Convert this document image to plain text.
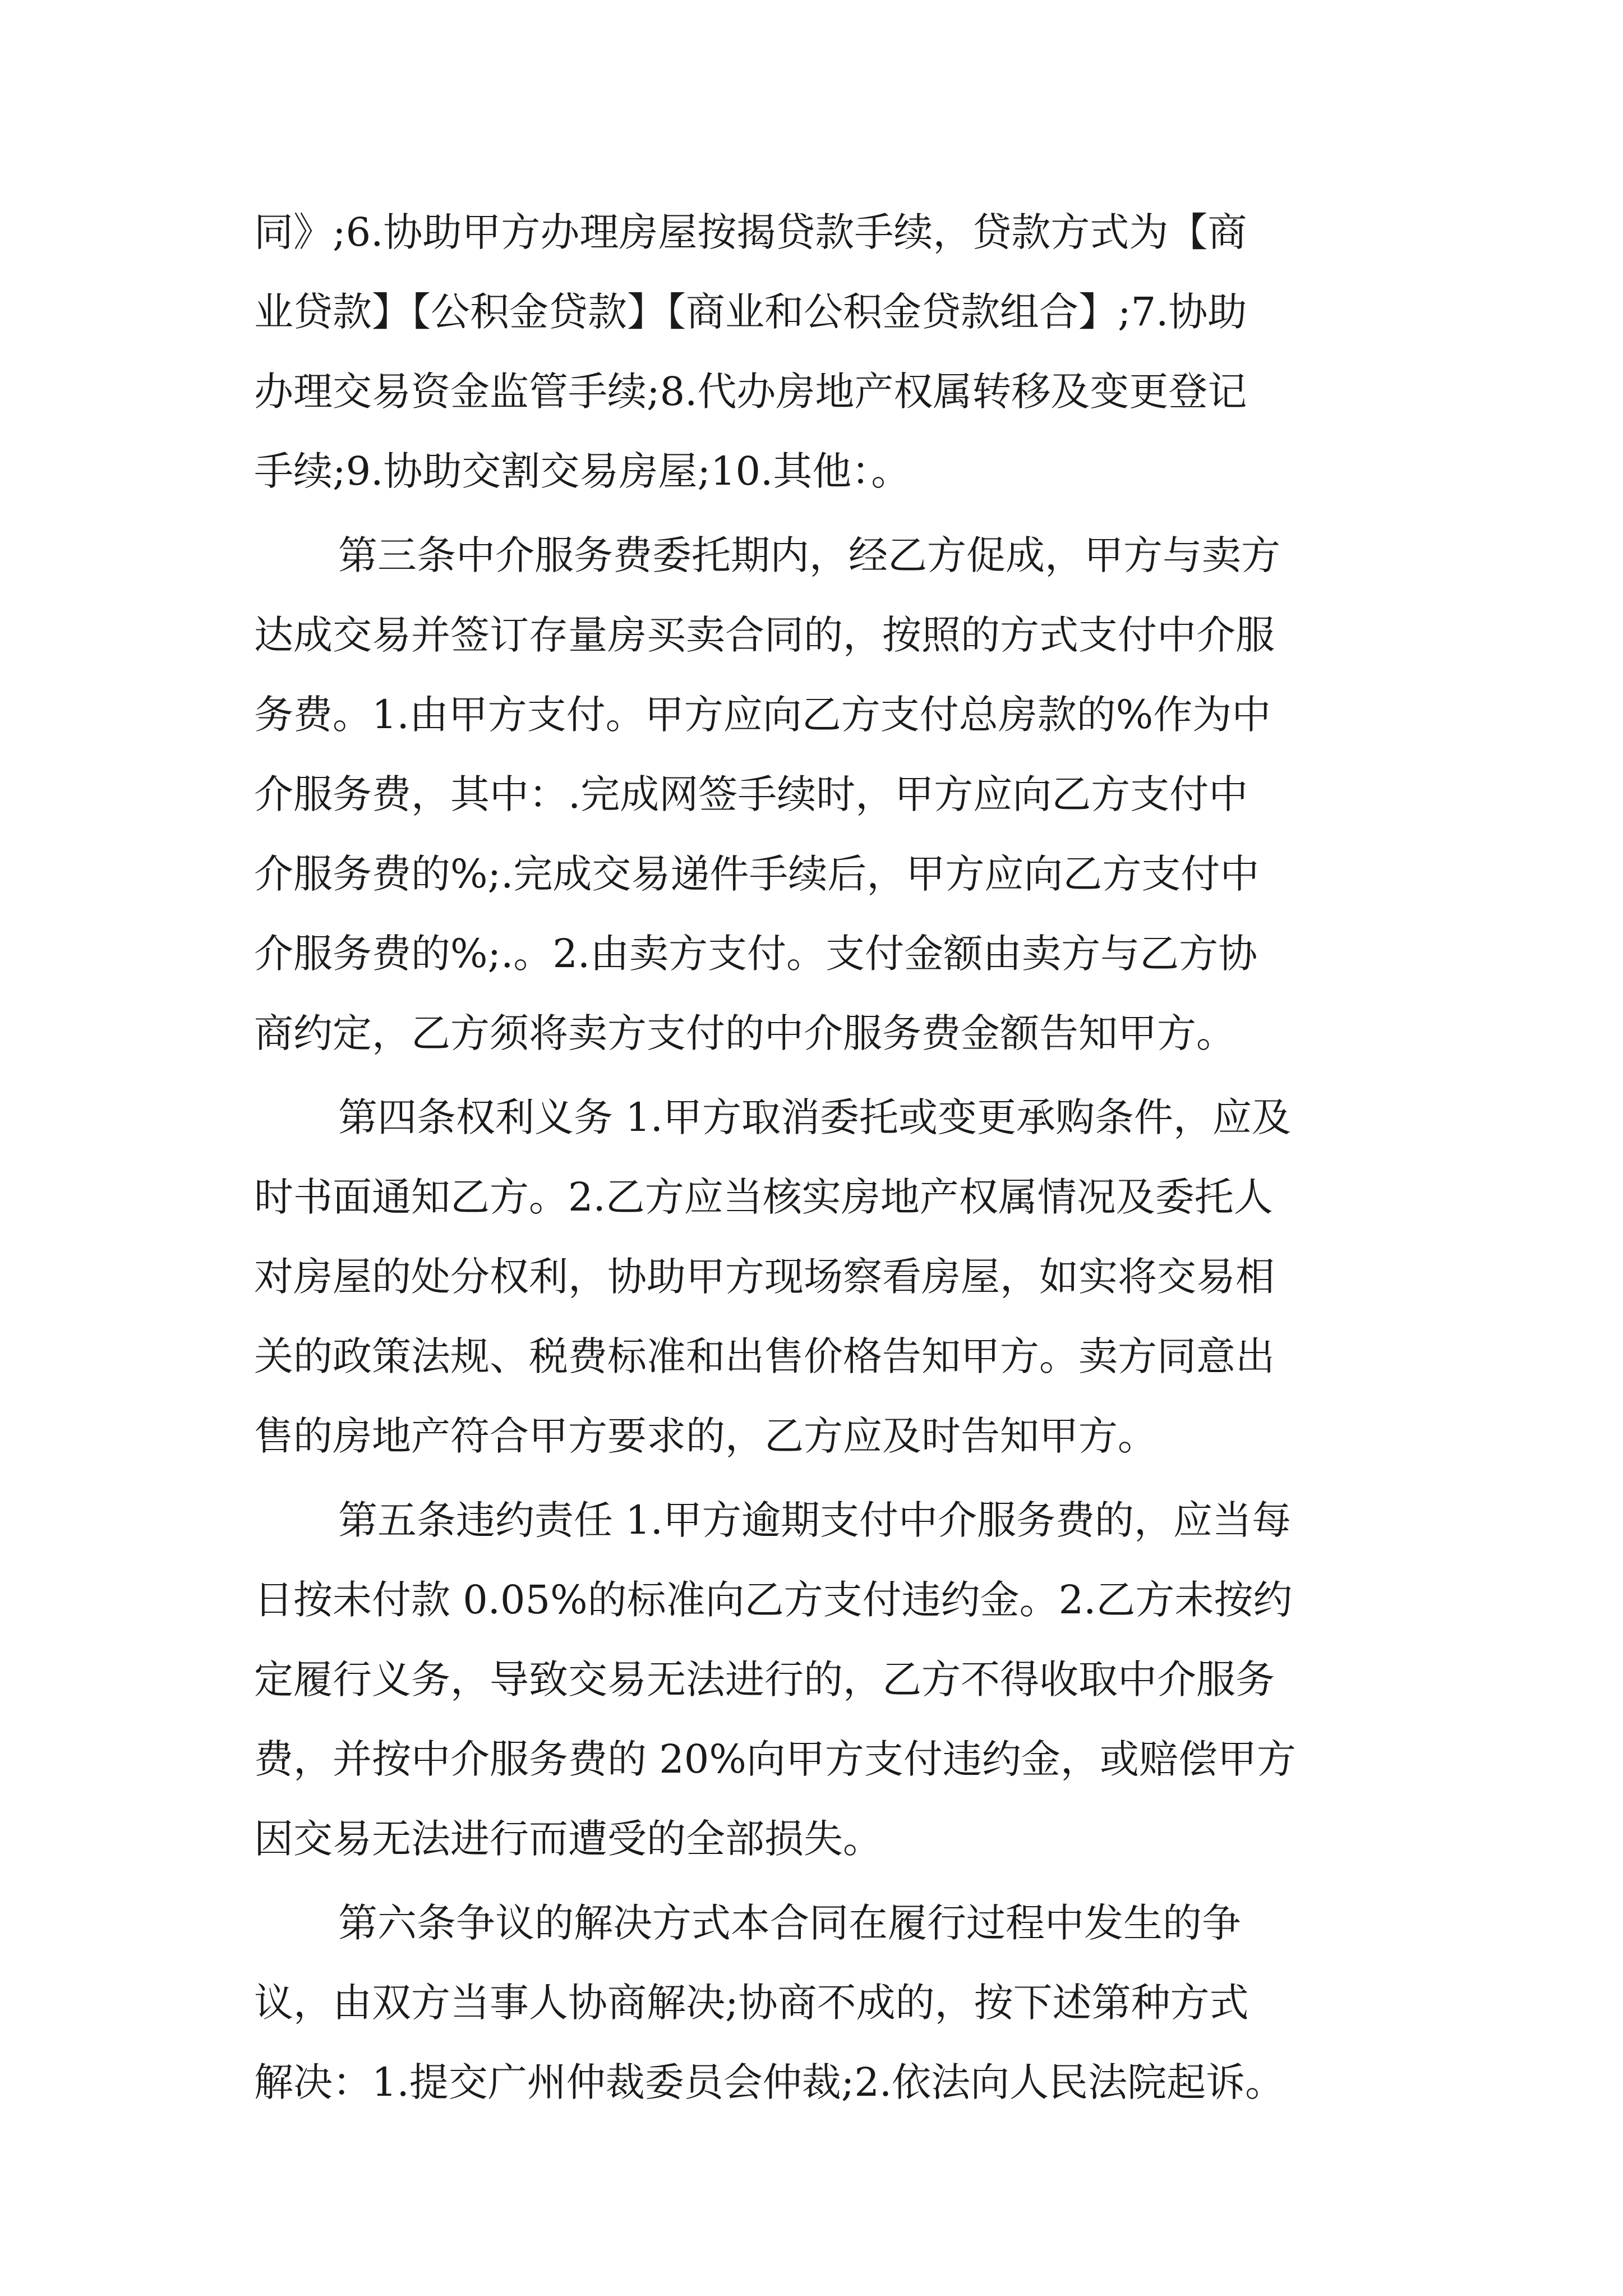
同》;6.协助甲方办理房屋按揭贷款手续，贷款方式为【商
业贷款】【公积金贷款】【商业和公积金贷款组合】;7.协助
办理交易资金监管手续;8.代办房地产权属转移及变更登记
手续;9.协助交割交易房屋;10.其他：。
第三条中介服务费委托期内，经乙方促成，甲方与卖方
达成交易并签订存量房买卖合同的，按照的方式支付中介服
务费。1.由甲方支付。甲方应向乙方支付总房款的%作为中
介服务费，其中：.完成网签手续时，甲方应向乙方支付中
介服务费的%;.完成交易递件手续后，甲方应向乙方支付中
介服务费的%;.。2.由卖方支付。支付金额由卖方与乙方协
商约定，乙方须将卖方支付的中介服务费金额告知甲方。
第四条权利义务 1.甲方取消委托或变更承购条件，应及
时书面通知乙方。2.乙方应当核实房地产权属情况及委托人
对房屋的处分权利，协助甲方现场察看房屋，如实将交易相
关的政策法规、税费标准和出售价格告知甲方。卖方同意出
售的房地产符合甲方要求的，乙方应及时告知甲方。
第五条违约责任 1.甲方逾期支付中介服务费的，应当每
日按未付款 0.05%的标准向乙方支付违约金。2.乙方未按约
定履行义务，导致交易无法进行的，乙方不得收取中介服务
费，并按中介服务费的 20%向甲方支付违约金，或赔偿甲方
因交易无法进行而遭受的全部损失。
第六条争议的解决方式本合同在履行过程中发生的争
议，由双方当事人协商解决;协商不成的，按下述第种方式
解决：1.提交广州仲裁委员会仲裁;2.依法向人民法院起诉。
